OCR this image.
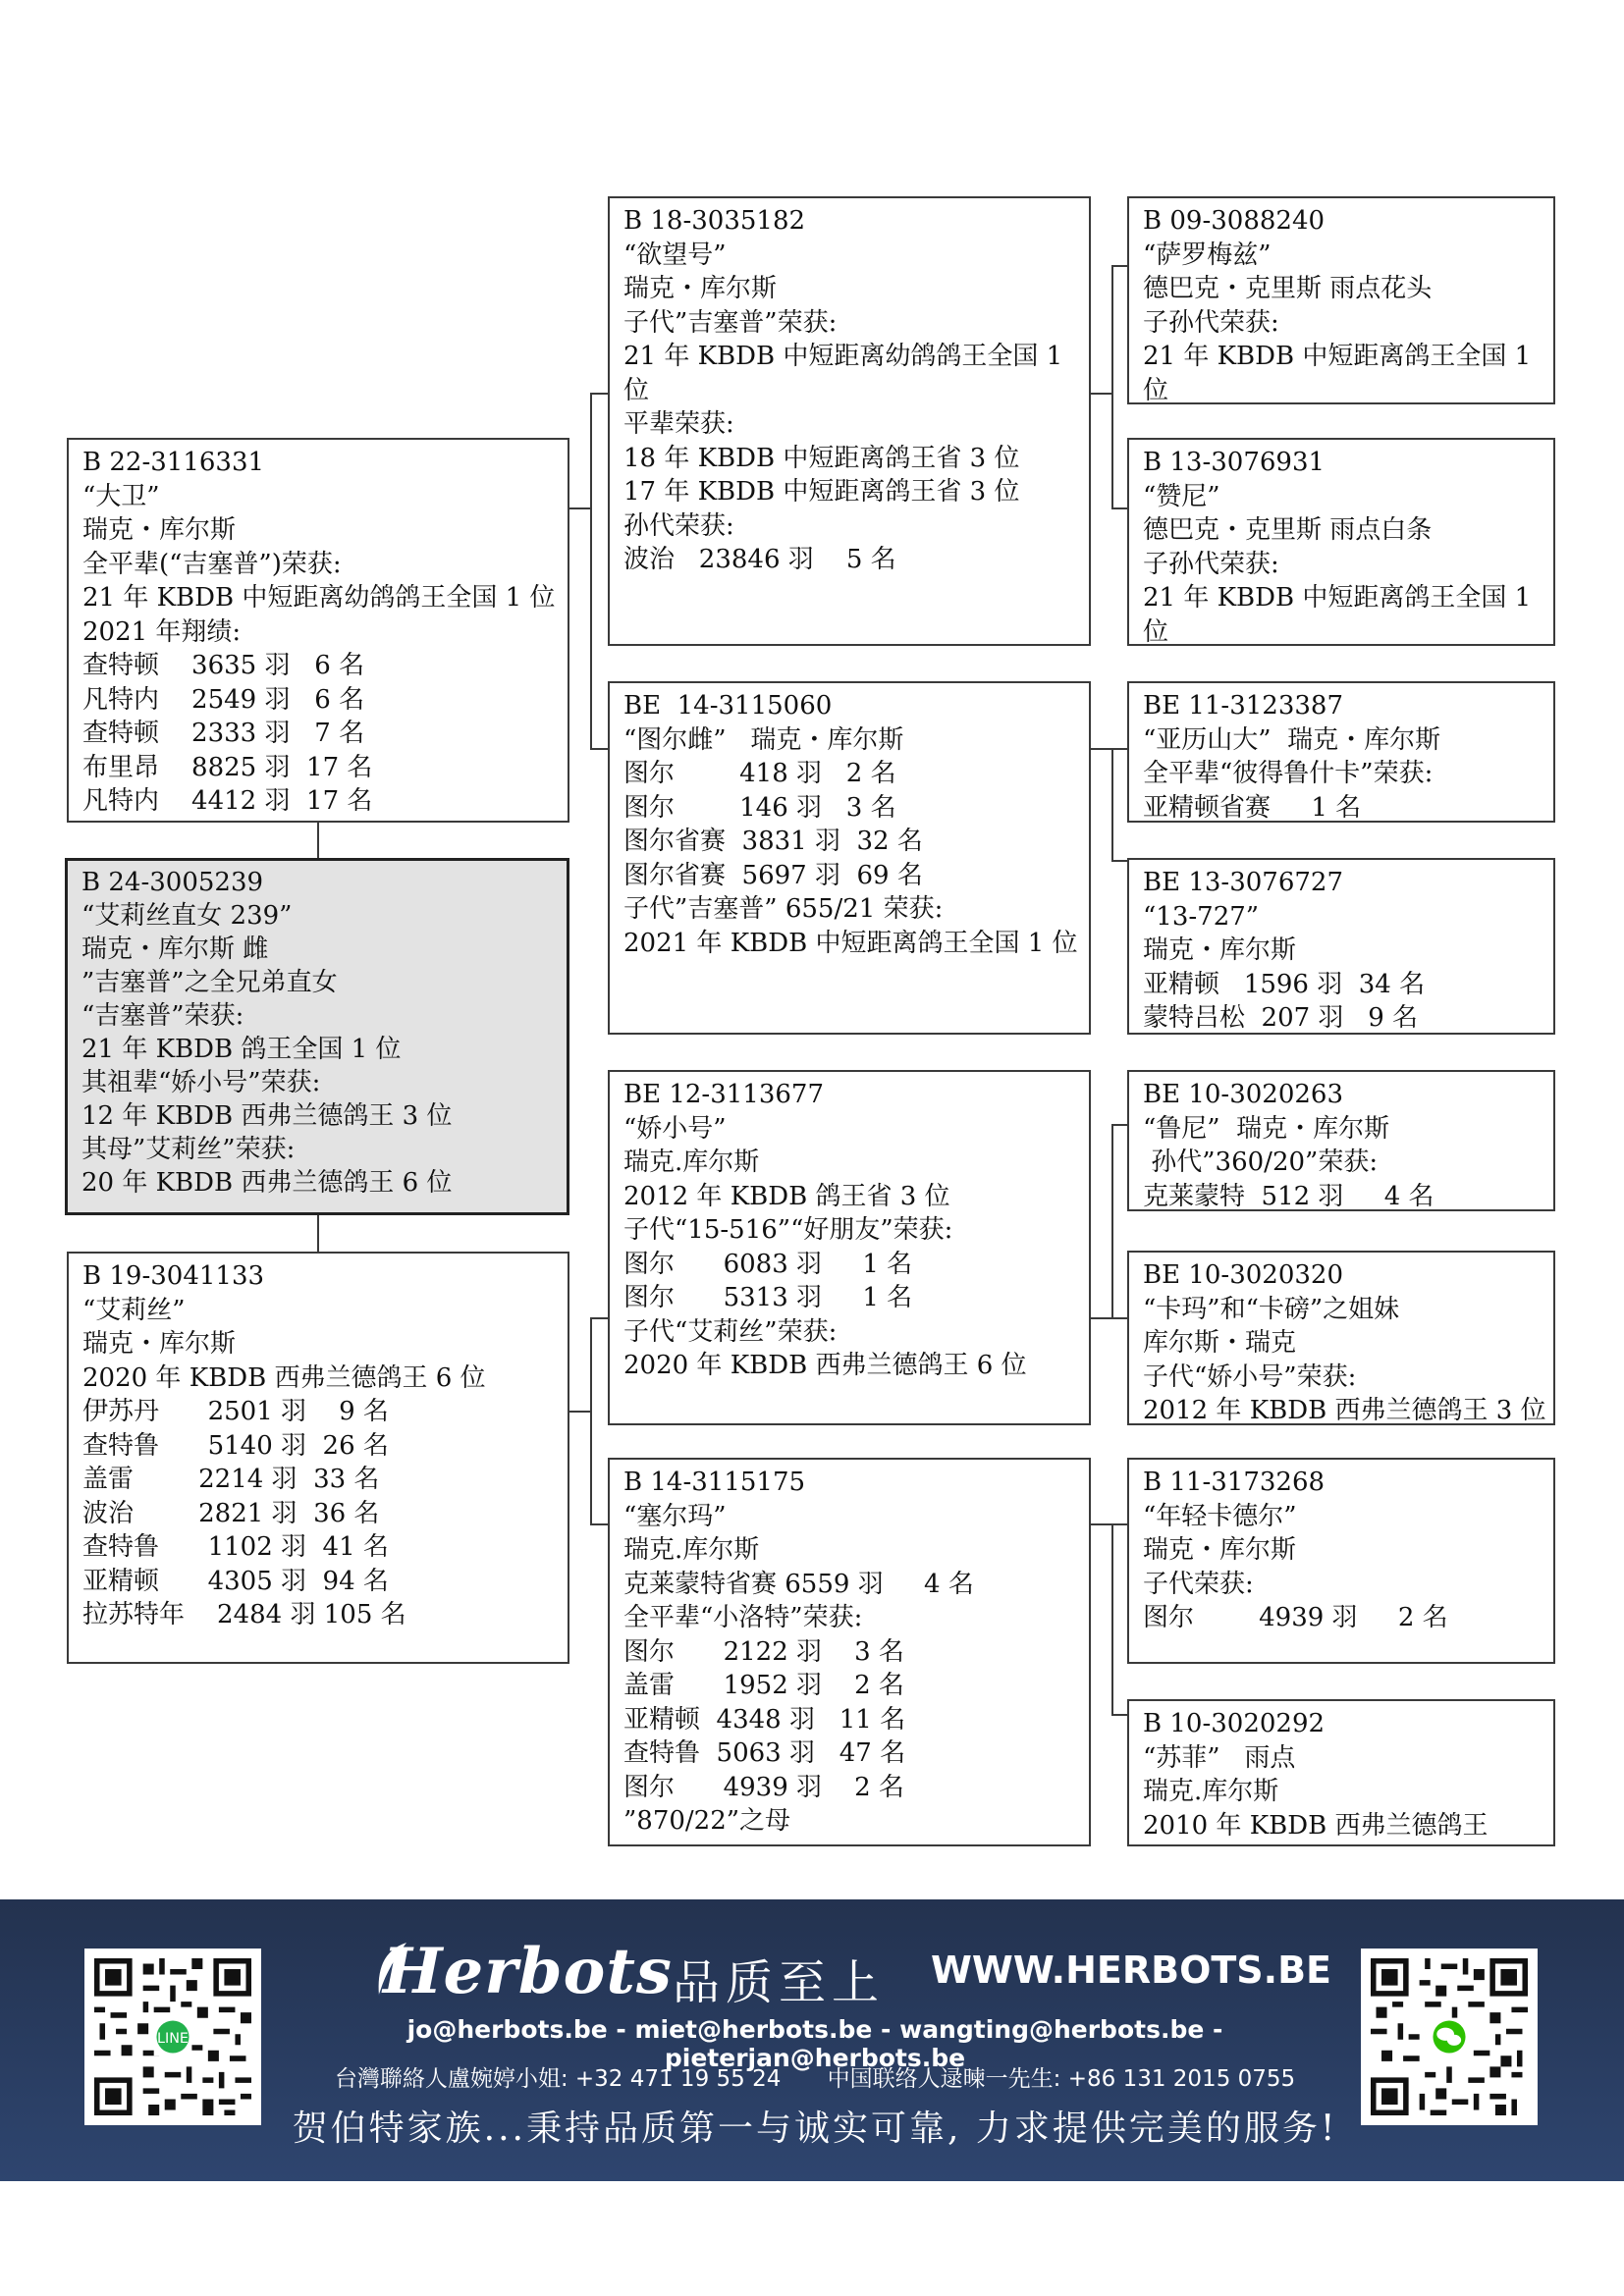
B 22-3116331
“大卫”
瑞克・库尔斯
全平辈(“吉塞普”)荣获:
21 年 KBDB 中短距离幼鸽鸽王全国 1 位
2021 年翔绩:
查特顿    3635 羽   6 名
凡特内    2549 羽   6 名
查特顿    2333 羽   7 名
布里昂    8825 羽  17 名
凡特内    4412 羽  17 名
B 24-3005239
“艾莉丝直女 239”
瑞克・库尔斯 雌
”吉塞普”之全兄弟直女
“吉塞普”荣获:
21 年 KBDB 鸽王全国 1 位
其祖辈“娇小号”荣获:
12 年 KBDB 西弗兰德鸽王 3 位
其母”艾莉丝”荣获:
20 年 KBDB 西弗兰德鸽王 6 位
B 19-3041133
“艾莉丝”
瑞克・库尔斯
2020 年 KBDB 西弗兰德鸽王 6 位
伊苏丹      2501 羽    9 名
查特鲁      5140 羽  26 名
盖雷        2214 羽  33 名
波治        2821 羽  36 名
查特鲁      1102 羽  41 名
亚精顿      4305 羽  94 名
拉苏特年    2484 羽 105 名
B 18-3035182
“欲望号”
瑞克・库尔斯
子代”吉塞普”荣获:
21 年 KBDB 中短距离幼鸽鸽王全国 1
位
平辈荣获:
18 年 KBDB 中短距离鸽王省 3 位
17 年 KBDB 中短距离鸽王省 3 位
孙代荣获:
波治   23846 羽    5 名
BE  14-3115060
“图尔雌”   瑞克・库尔斯
图尔        418 羽   2 名
图尔        146 羽   3 名
图尔省赛  3831 羽  32 名
图尔省赛  5697 羽  69 名
子代”吉塞普” 655/21 荣获:
2021 年 KBDB 中短距离鸽王全国 1 位
BE 12-3113677
“娇小号”
瑞克.库尔斯
2012 年 KBDB 鸽王省 3 位
子代“15-516”“好朋友”荣获:
图尔      6083 羽     1 名
图尔      5313 羽     1 名
子代“艾莉丝”荣获:
2020 年 KBDB 西弗兰德鸽王 6 位
B 14-3115175
“塞尔玛”
瑞克.库尔斯
克莱蒙特省赛 6559 羽     4 名
全平辈“小洛特”荣获:
图尔      2122 羽    3 名
盖雷      1952 羽    2 名
亚精顿  4348 羽   11 名
查特鲁  5063 羽   47 名
图尔      4939 羽    2 名
”870/22”之母
B 09-3088240
“萨罗梅兹”
德巴克・克里斯 雨点花头
子孙代荣获:
21 年 KBDB 中短距离鸽王全国 1
位
B 13-3076931
“赞尼”
德巴克・克里斯 雨点白条
子孙代荣获:
21 年 KBDB 中短距离鸽王全国 1
位
BE 11-3123387
“亚历山大”  瑞克・库尔斯
全平辈“彼得鲁什卡”荣获:
亚精顿省赛     1 名
BE 13-3076727
“13-727”
瑞克・库尔斯
亚精顿   1596 羽  34 名
蒙特吕松  207 羽   9 名
BE 10-3020263
“鲁尼”  瑞克・库尔斯
孙代”360/20”荣获:
克莱蒙特  512 羽     4 名
BE 10-3020320
“卡玛”和“卡磅”之姐妹
库尔斯・瑞克
子代“娇小号”荣获:
2012 年 KBDB 西弗兰德鸽王 3 位
B 11-3173268
“年轻卡德尔”
瑞克・库尔斯
子代荣获:
图尔        4939 羽     2 名
B 10-3020292
“苏菲”   雨点
瑞克.库尔斯
2010 年 KBDB 西弗兰德鸽王
LINE
Herbots 品质至上 WWW.HERBOTS.BE
jo@herbots.be - miet@herbots.be - wangting@herbots.be - pieterjan@herbots.be
台灣聯絡人盧婉婷小姐: +32 471 19 55 24 中国联络人逯暕一先生: +86 131 2015 0755
贺伯特家族...秉持品质第一与诚实可靠, 力求提供完美的服务!
